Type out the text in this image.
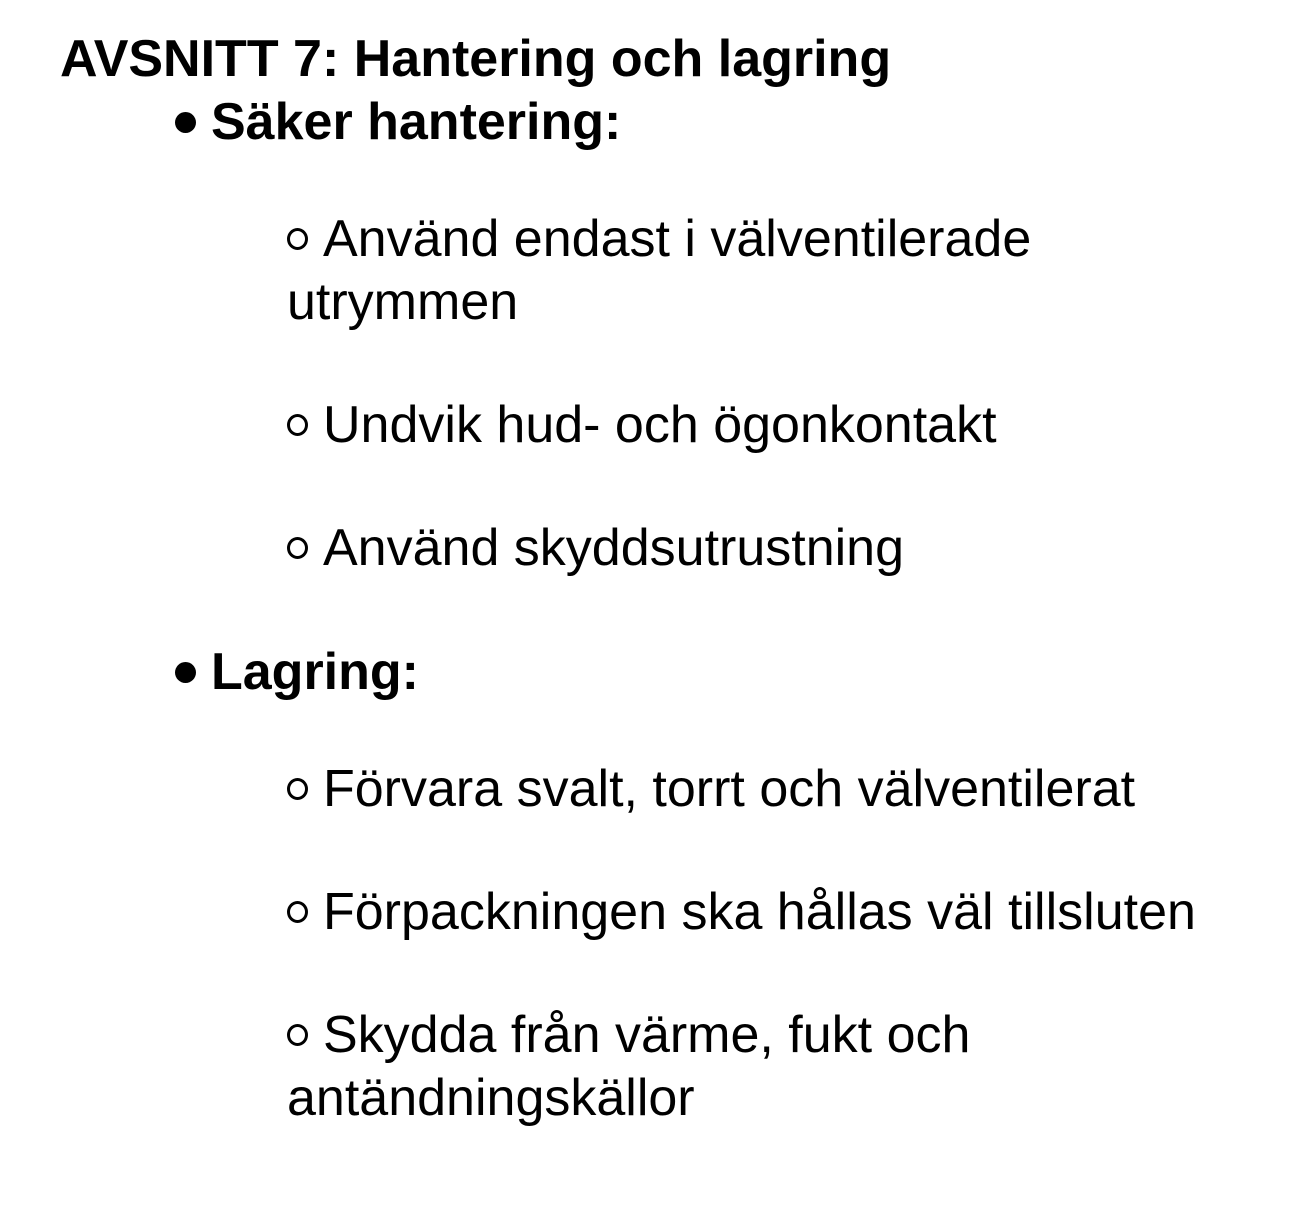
AVSNITT 7: Hantering och lagring
Säker hantering:
Använd endast i välventilerade utrymmen
Undvik hud- och ögonkontakt
Använd skyddsutrustning
Lagring:
Förvara svalt, torrt och välventilerat
Förpackningen ska hållas väl tillsluten
Skydda från värme, fukt och antändningskällor
